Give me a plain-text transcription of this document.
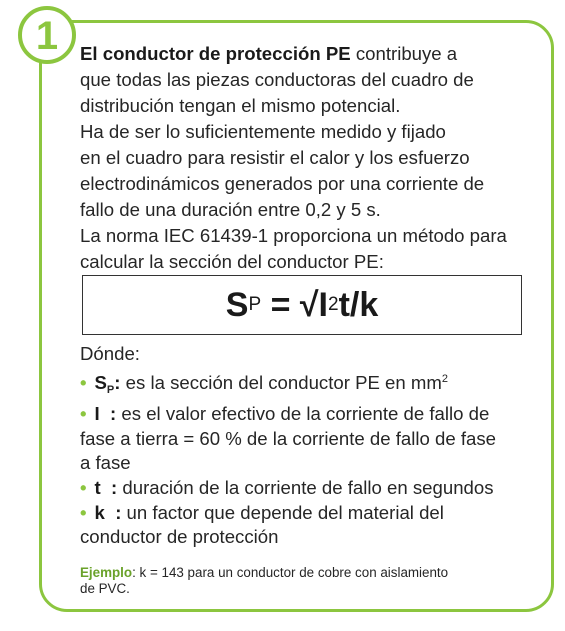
1 El conductor de protección PE contribuye a

que todas las piezas conductoras del cuadro de

distribución tengan el mismo potencial.

Ha de ser lo suficientemente medido y fijado

en el cuadro para resistir el calor y los esfuerzo

electrodinámicos generados por una corriente de

fallo de una duración entre 0,2 y 5 s.

La norma IEC 61439-1 proporciona un método para

calcular la sección del conductor PE:

S P = √I 2 t/k

Dónde:

• $S_P$: es la sección del conductor PE en $mm^2$

• I  : es el valor efectivo de la corriente de fallo de

fase a tierra = 60 % de la corriente de fallo de fase

a fase

• t  : duración de la corriente de fallo en segundos

• k  : un factor que depende del material del

conductor de protección

Ejemplo: k = 143 para un conductor de cobre con aislamiento
de PVC.
